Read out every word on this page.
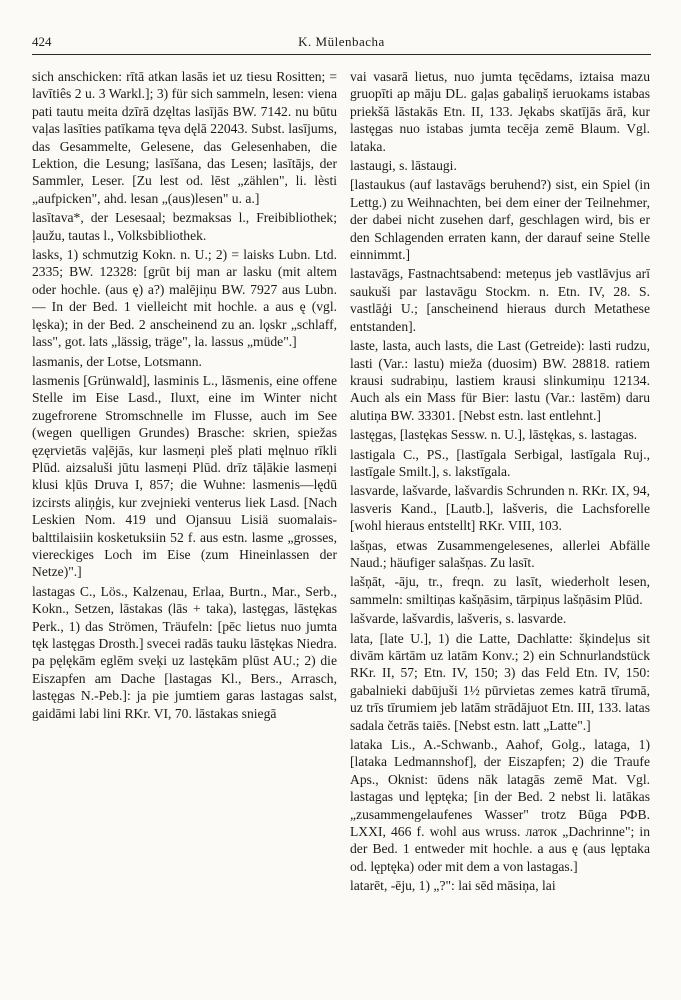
424	K. Mülenbacha

sich anschicken: rītā atkan lasās iet uz tiesu Rositten; = lavītiês 2 u. 3 Warkl.]; 3) für sich sammeln, lesen: viena pati tautu meita dzīrā dzęltas lasījās BW. 7142. nu būtu vaļas lasīties patīkama tęva dęlā 22043. Subst. lasījums, das Gesammelte, Gelesene, das Gelesenhaben, die Lektion, die Lesung; lasīšana, das Lesen; lasītājs, der Sammler, Leser. [Zu lest od. lēst „zählen", li. lèsti „aufpicken", ahd. lesan „(aus)lesen" u. a.]

lasītava*, der Lesesaal; bezmaksas l., Freibibliothek; ļaužu, tautas l., Volksbibliothek.

lasks, 1) schmutzig Kokn. n. U.; 2) = laisks Lubn. Ltd. 2335; BW. 12328: [grūt bij man ar lasku (mit altem oder hochle. (aus ę) a?) malējiņu BW. 7927 aus Lubn. — In der Bed. 1 vielleicht mit hochle. a aus ę (vgl. lęska); in der Bed. 2 anscheinend zu an. lǫskr „schlaff, lass", got. lats „lässig, träge", la. lassus „müde".]

lasmanis, der Lotse, Lotsmann.

lasmenis [Grünwald], lasminis L., lāsmenis, eine offene Stelle im Eise Lasd., Iluxt, eine im Winter nicht zugefrorene Stromschnelle im Flusse, auch im See (wegen quelligen Grundes) Brasche: skrien, spiežas ęzęrvietās vaļējās, kur lasmeņi pleš plati męlnuo rīkli Plūd. aizsaluši jūtu lasmeņi Plūd. drīz tāļākie lasmeņi klusi kļūs Druva I, 857; die Wuhne: lasmenis—lędū izcirsts aliņģis, kur zvejnieki venterus liek Lasd. [Nach Leskien Nom. 419 und Ojansuu Lisiä suomalais-balttilaisiin kosketuksiin 52 f. aus estn. lasme „grosses, viereckiges Loch im Eise (zum Hineinlassen der Netze)".]

lastagas C., Lös., Kalzenau, Erlaa, Burtn., Mar., Serb., Kokn., Setzen, lāstakas (lās + taka), lastęgas, lāstękas Perk., 1) das Strömen, Träufeln: [pēc lietus nuo jumta tęk lastęgas Drosth.] svecei radās tauku lāstękas Niedra. pa pęlękām eglēm sveķi uz lastękām plūst AU.; 2) die Eiszapfen am Dache [lastagas Kl., Bers., Arrasch, lastęgas N.-Peb.]: ja pie jumtiem garas lastagas salst, gaidāmi labi lini RKr. VI, 70. lāstakas sniegā

vai vasarā lietus, nuo jumta tęcēdams, iztaisa mazu gruopīti ap māju DL. gaļas gabaliņš ieruokams istabas priekšā lāstakās Etn. II, 133. Jękabs skatījās ārā, kur lastęgas nuo istabas jumta tecēja zemē Blaum. Vgl. lataka.

lastaugi, s. lāstaugi.

[lastaukus (auf lastavāgs beruhend?) sist, ein Spiel (in Lettg.) zu Weihnachten, bei dem einer der Teilnehmer, der dabei nicht zusehen darf, geschlagen wird, bis er den Schlagenden erraten kann, der darauf seine Stelle einnimmt.]

lastavāgs, Fastnachtsabend: meteņus jeb vastlāvjus arī saukuši par lastavāgu Stockm. n. Etn. IV, 28. S. vastlāģi U.; [anscheinend hieraus durch Metathese entstanden].

laste, lasta, auch lasts, die Last (Getreide): lasti rudzu, lasti (Var.: lastu) mieža (duosim) BW. 28818. ratiem krausi sudrabiņu, lastiem krausi slinkumiņu 12134. Auch als ein Mass für Bier: lastu (Var.: lastēm) daru alutiņa BW. 33301. [Nebst estn. last entlehnt.]

lastęgas, [lastękas Sessw. n. U.], lāstękas, s. lastagas.

lastigala C., PS., [lastīgala Serbigal, lastīgala Ruj., lastīgale Smilt.], s. lakstīgala.

lasvarde, lašvarde, lašvardis Schrunden n. RKr. IX, 94, lasveris Kand., [Lautb.], lašveris, die Lachsforelle [wohl hieraus entstellt] RKr. VIII, 103.

lašņas, etwas Zusammengelesenes, allerlei Abfälle Naud.; häufiger salašņas. Zu lasīt.

lašņāt, -āju, tr., freqn. zu lasīt, wiederholt lesen, sammeln: smiltiņas kašņāsim, tārpiņus lašņāsim Plūd.

lašvarde, lašvardis, lašveris, s. lasvarde.

lata, [late U.], 1) die Latte, Dachlatte: šķindeļus sit divām kārtām uz latām Konv.; 2) ein Schnurlandstück RKr. II, 57; Etn. IV, 150; 3) das Feld Etn. IV, 150: gabalnieki dabūjuši 1½ pūrvietas zemes katrā tīrumā, uz trīs tīrumiem jeb latām strādājuot Etn. III, 133. latas sadala četrās taiēs. [Nebst estn. latt „Latte".]

lataka Lis., A.-Schwanb., Aahof, Golg., lataga, 1) [lataka Ledmannshof], der Eiszapfen; 2) die Traufe Aps., Oknist: ūdens nāk latagās zemē Mat. Vgl. lastagas und lęptęka; [in der Bed. 2 nebst li. latākas „zusammengelaufenes Wasser" trotz Būga РФВ. LXXI, 466 f. wohl aus wruss. латок „Dachrinne"; in der Bed. 1 entweder mit hochle. a aus ę (aus lęptaka od. lęptęka) oder mit dem a von lastagas.]

latarēt, -ēju, 1) „?": lai sēd māsiņa, lai
